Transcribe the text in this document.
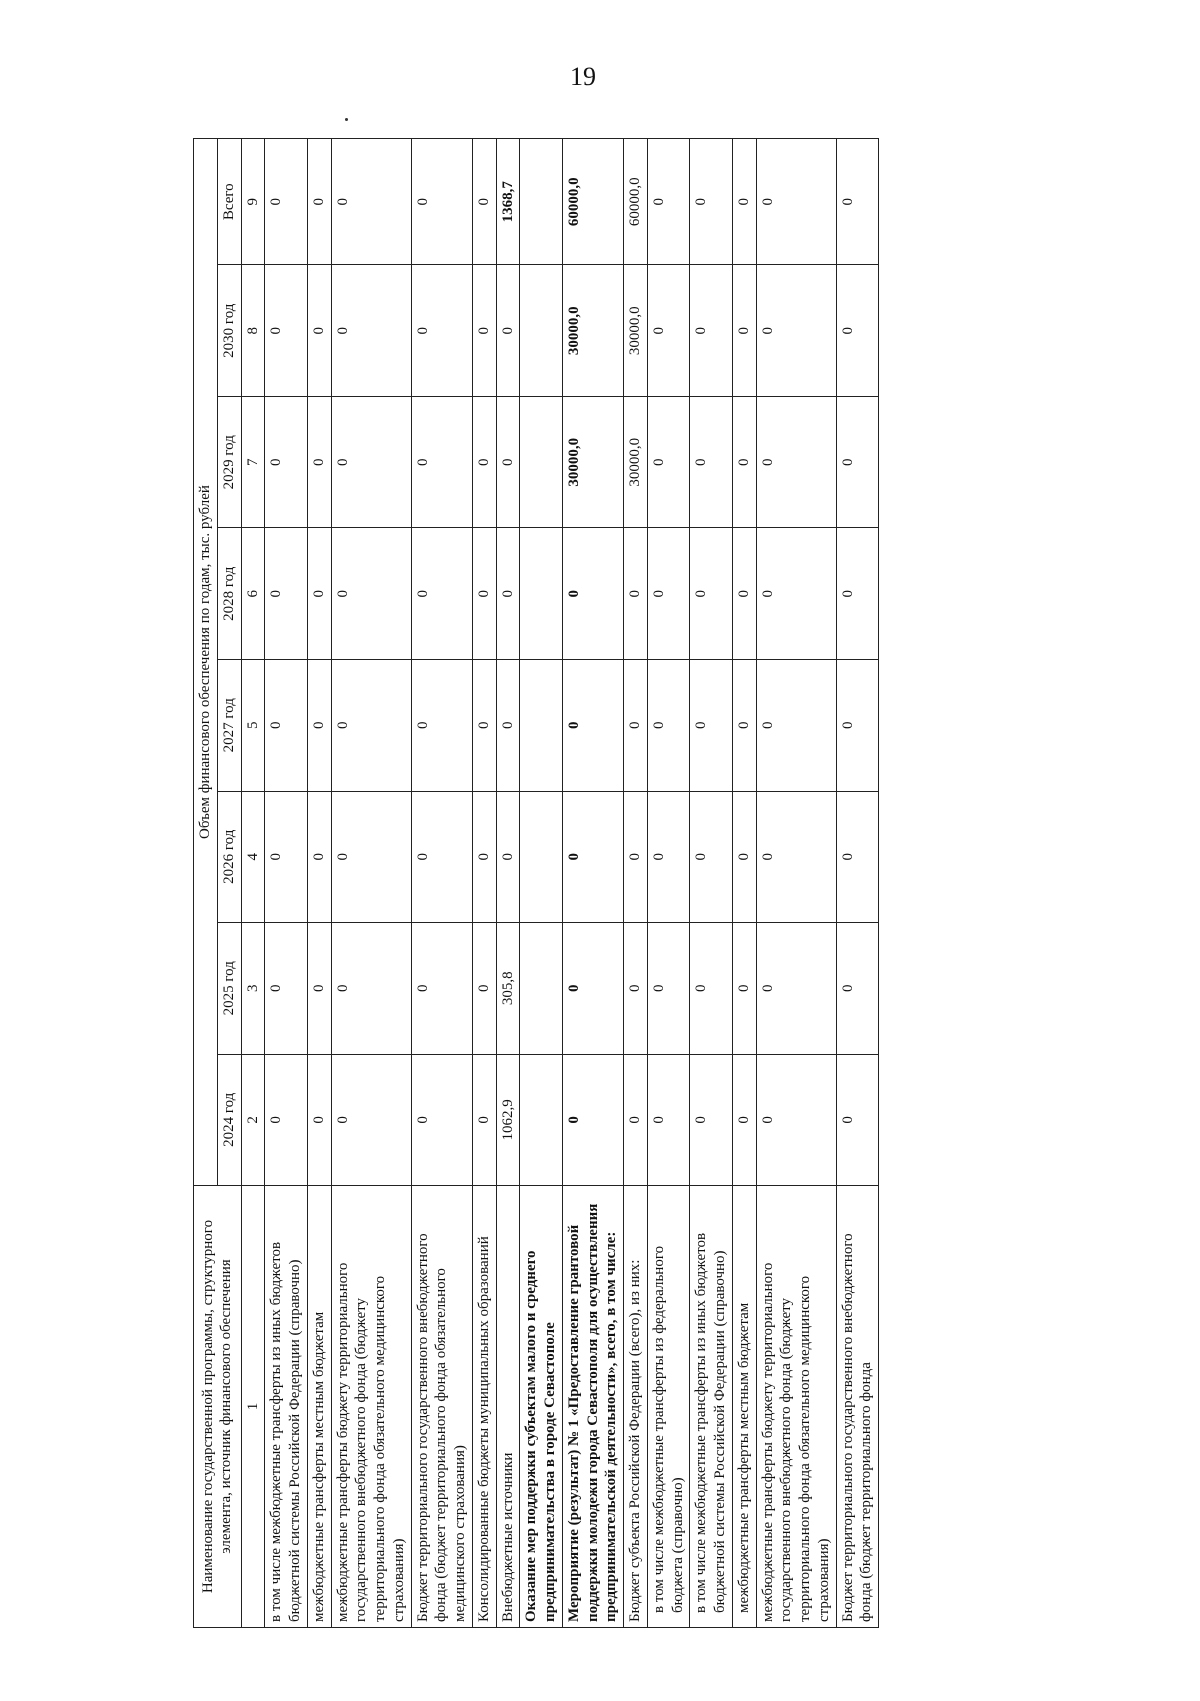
19
Наименование государственной программы, структурного элемента, источник финансового обеспечения	Объем финансового обеспечения по годам, тыс. рублей							
	2024 год	2025 год	2026 год	2027 год	2028 год	2029 год	2030 год	Всего
1	2	3	4	5	6	7	8	9
в том числе межбюджетные трансферты из иных бюджетов бюджетной системы Российской Федерации (справочно)	0	0	0	0	0	0	0	0
межбюджетные трансферты местным бюджетам	0	0	0	0	0	0	0	0
межбюджетные трансферты бюджету территориального государственного внебюджетного фонда (бюджету территориального фонда обязательного медицинского страхования)	0	0	0	0	0	0	0	0
Бюджет территориального государственного внебюджетного фонда (бюджет территориального фонда обязательного медицинского страхования)	0	0	0	0	0	0	0	0
Консолидированные бюджеты муниципальных образований	0	0	0	0	0	0	0	0
Внебюджетные источники	1062,9	305,8	0	0	0	0	0	1368,7
Оказание мер поддержки субъектам малого и среднего предпринимательства в городе Севастополе								
Мероприятие (результат) № 1 «Предоставление грантовой поддержки молодежи города Севастополя для осуществления предпринимательской деятельности», всего, в том числе:	0	0	0	0	0	30000,0	30000,0	60000,0
Бюджет субъекта Российской Федерации (всего), из них:	0	0	0	0	0	30000,0	30000,0	60000,0
в том числе межбюджетные трансферты из федерального бюджета (справочно)	0	0	0	0	0	0	0	0
в том числе межбюджетные трансферты из иных бюджетов бюджетной системы Российской Федерации (справочно)	0	0	0	0	0	0	0	0
межбюджетные трансферты местным бюджетам	0	0	0	0	0	0	0	0
межбюджетные трансферты бюджету территориального государственного внебюджетного фонда (бюджету территориального фонда обязательного медицинского страхования)	0	0	0	0	0	0	0	0
Бюджет территориального государственного внебюджетного фонда (бюджет территориального фонда	0	0	0	0	0	0	0	0
